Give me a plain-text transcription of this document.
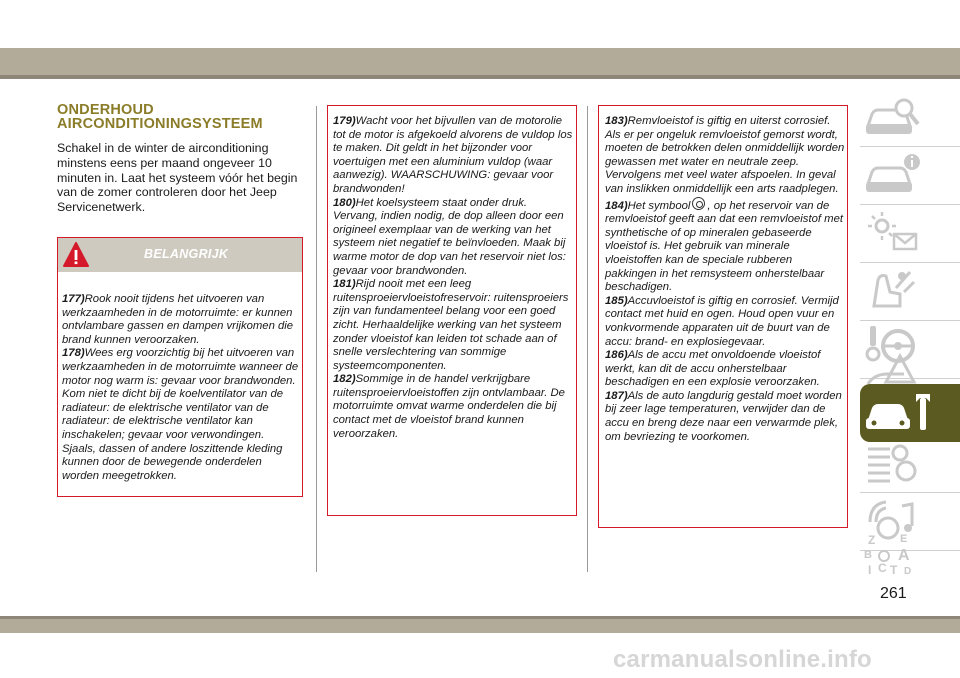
ONDERHOUD
AIRCONDITIONINGSYSTEEM
Schakel in de winter de airconditioning minstens eens per maand ongeveer 10 minuten in. Laat het systeem vóór het begin van de zomer controleren door het Jeep Servicenetwerk.
BELANGRIJK

177)Rook nooit tijdens het uitvoeren van werkzaamheden in de motorruimte: er kunnen ontvlambare gassen en dampen vrijkomen die brand kunnen veroorzaken.

178)Wees erg voorzichtig bij het uitvoeren van werkzaamheden in de motorruimte wanneer de motor nog warm is: gevaar voor brandwonden. Kom niet te dicht bij de koelventilator van de radiateur: de elektrische ventilator van de radiateur: de elektrische ventilator kan inschakelen; gevaar voor verwondingen. Sjaals, dassen of andere loszittende kleding kunnen door de bewegende onderdelen worden meegetrokken.

179)Wacht voor het bijvullen van de motorolie tot de motor is afgekoeld alvorens de vuldop los te maken. Dit geldt in het bijzonder voor voertuigen met een aluminium vuldop (waar aanwezig). WAARSCHUWING: gevaar voor brandwonden!

180)Het koelsysteem staat onder druk. Vervang, indien nodig, de dop alleen door een origineel exemplaar van de werking van het systeem niet negatief te beïnvloeden. Maak bij warme motor de dop van het reservoir niet los: gevaar voor brandwonden.

181)Rijd nooit met een leeg ruitensproeiervloeistofreservoir: ruitensproeiers zijn van fundamenteel belang voor een goed zicht. Herhaaldelijke werking van het systeem zonder vloeistof kan leiden tot schade aan of snelle verslechtering van sommige systeemcomponenten.

182)Sommige in de handel verkrijgbare ruitensproeiervloeistoffen zijn ontvlambaar. De motorruimte omvat warme onderdelen die bij contact met de vloeistof brand kunnen veroorzaken.

183)Remvloeistof is giftig en uiterst corrosief. Als er per ongeluk remvloeistof gemorst wordt, moeten de betrokken delen onmiddellijk worden gewassen met water en neutrale zeep. Vervolgens met veel water afspoelen. In geval van inslikken onmiddellijk een arts raadplegen.

184)Het symbool , op het reservoir van de remvloeistof geeft aan dat een remvloeistof met synthetische of op mineralen gebaseerde vloeistof is. Het gebruik van minerale vloeistoffen kan de speciale rubberen pakkingen in het remsysteem onherstelbaar beschadigen.

185)Accuvloeistof is giftig en corrosief. Vermijd contact met huid en ogen. Houd open vuur en vonkvormende apparaten uit de buurt van de accu: brand- en explosiegevaar.

186)Als de accu met onvoldoende vloeistof werkt, kan dit de accu onherstelbaar beschadigen en een explosie veroorzaken.

187)Als de auto langdurig gestald moet worden bij zeer lage temperaturen, verwijder dan de accu en breng deze naar een verwarmde plek, om bevriezing te voorkomen.

Z E
B A
I C T D
261
carmanualsonline.info
